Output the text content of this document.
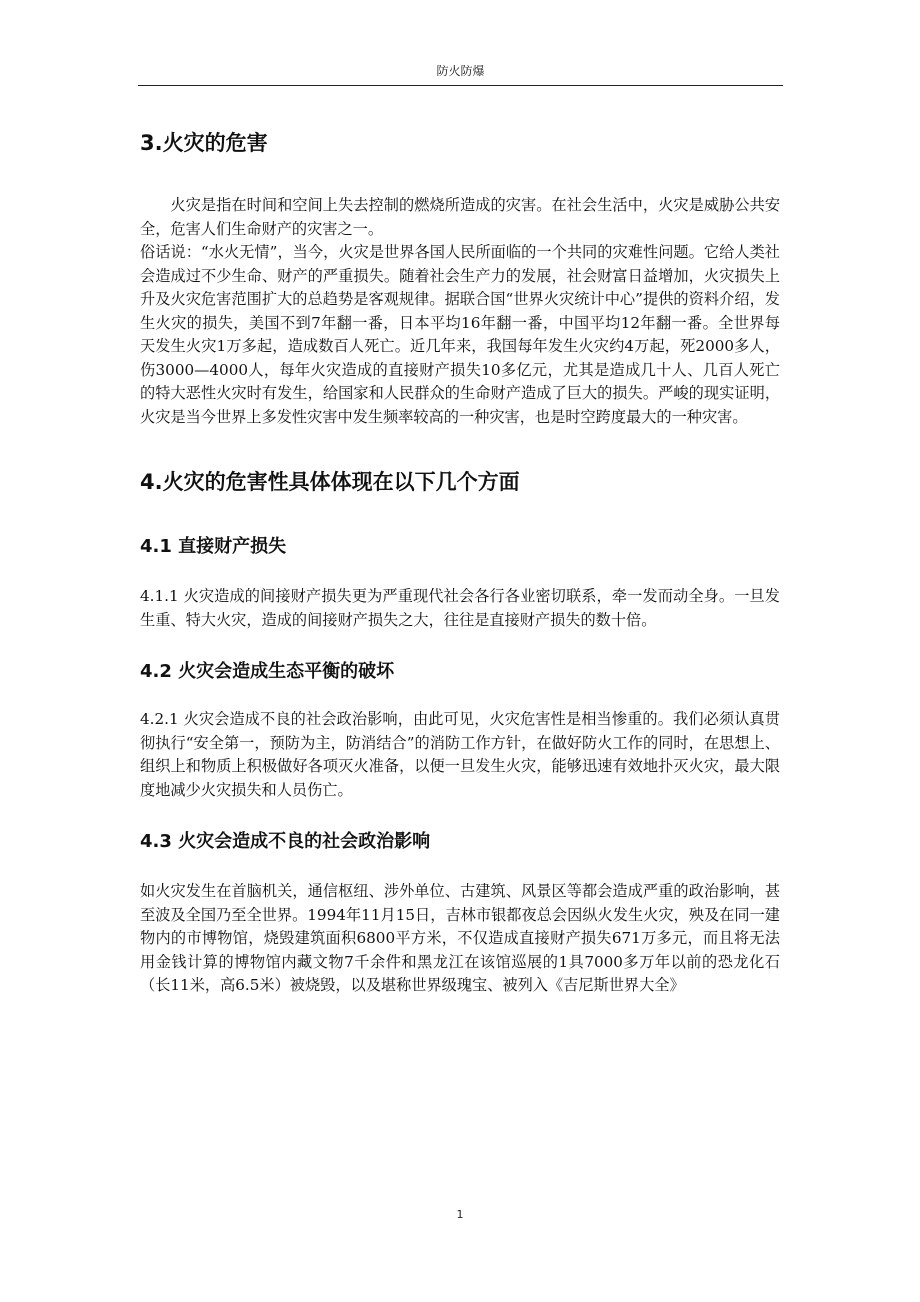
防火防爆
3.火灾的危害

火灾是指在时间和空间上失去控制的燃烧所造成的灾害。在社会生活中，火灾是威胁公共安全，危害人们生命财产的灾害之一。

俗话说：“水火无情”，当今，火灾是世界各国人民所面临的一个共同的灾难性问题。它给人类社会造成过不少生命、财产的严重损失。随着社会生产力的发展，社会财富日益增加，火灾损失上升及火灾危害范围扩大的总趋势是客观规律。据联合国“世界火灾统计中心”提供的资料介绍，发生火灾的损失，美国不到7年翻一番，日本平均16年翻一番，中国平均12年翻一番。全世界每天发生火灾1万多起，造成数百人死亡。近几年来，我国每年发生火灾约4万起，死2000多人，伤3000—4000人，每年火灾造成的直接财产损失10多亿元，尤其是造成几十人、几百人死亡的特大恶性火灾时有发生，给国家和人民群众的生命财产造成了巨大的损失。严峻的现实证明，火灾是当今世界上多发性灾害中发生频率较高的一种灾害，也是时空跨度最大的一种灾害。

4.火灾的危害性具体体现在以下几个方面
4.1 直接财产损失

4.1.1 火灾造成的间接财产损失更为严重现代社会各行各业密切联系，牵一发而动全身。一旦发生重、特大火灾，造成的间接财产损失之大，往往是直接财产损失的数十倍。

4.2 火灾会造成生态平衡的破坏

4.2.1 火灾会造成不良的社会政治影响，由此可见，火灾危害性是相当惨重的。我们必须认真贯彻执行“安全第一，预防为主，防消结合”的消防工作方针，在做好防火工作的同时，在思想上、组织上和物质上积极做好各项灭火准备，以便一旦发生火灾，能够迅速有效地扑灭火灾，最大限度地减少火灾损失和人员伤亡。

4.3 火灾会造成不良的社会政治影响

如火灾发生在首脑机关，通信枢纽、涉外单位、古建筑、风景区等都会造成严重的政治影响，甚至波及全国乃至全世界。1994年11月15日，吉林市银都夜总会因纵火发生火灾，殃及在同一建物内的市博物馆，烧毁建筑面积6800平方米，不仅造成直接财产损失671万多元，而且将无法用金钱计算的博物馆内藏文物7千余件和黑龙江在该馆巡展的1具7000多万年以前的恐龙化石（长11米，高6.5米）被烧毁，以及堪称世界级瑰宝、被列入《吉尼斯世界大全》

1
